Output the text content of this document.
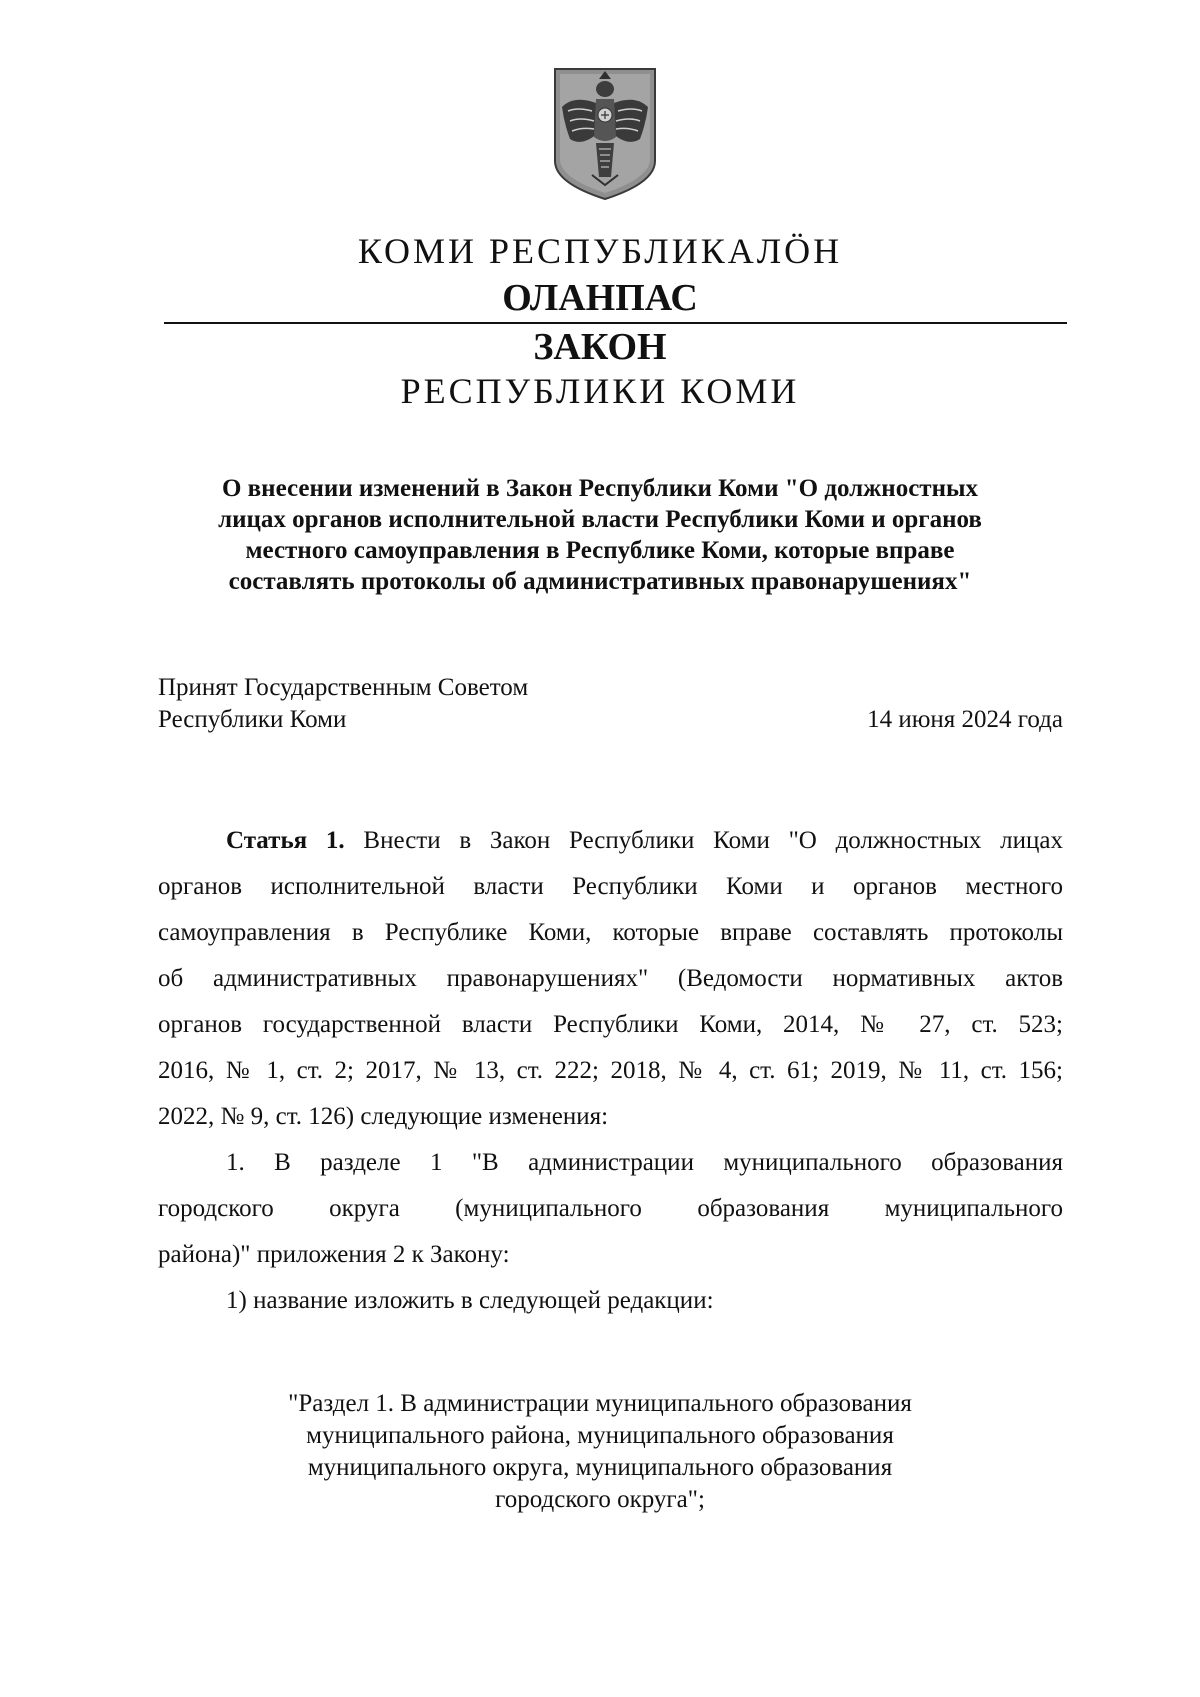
КОМИ РЕСПУБЛИКАЛӦН
ОЛАНПАС
ЗАКОН
РЕСПУБЛИКИ КОМИ
О внесении изменений в Закон Республики Коми "О должностных
лицах органов исполнительной власти Республики Коми и органов
местного самоуправления в Республике Коми, которые вправе
составлять протоколы об административных правонарушениях"
Принят Государственным Советом
Республики Коми	14 июня 2024 года
Статья 1. Внести в Закон Республики Коми "О должностных лицах
органов исполнительной власти Республики Коми и органов местного
самоуправления в Республике Коми, которые вправе составлять протоколы
об административных правонарушениях" (Ведомости нормативных актов
органов государственной власти Республики Коми, 2014, № 27, ст. 523;
2016, № 1, ст. 2; 2017, № 13, ст. 222; 2018, № 4, ст. 61; 2019, № 11, ст. 156;
2022, № 9, ст. 126) следующие изменения:
1. В разделе 1 "В администрации муниципального образования
городского округа (муниципального образования муниципального
района)" приложения 2 к Закону:
1) название изложить в следующей редакции:
"Раздел 1. В администрации муниципального образования
муниципального района, муниципального образования
муниципального округа, муниципального образования
городского округа";
